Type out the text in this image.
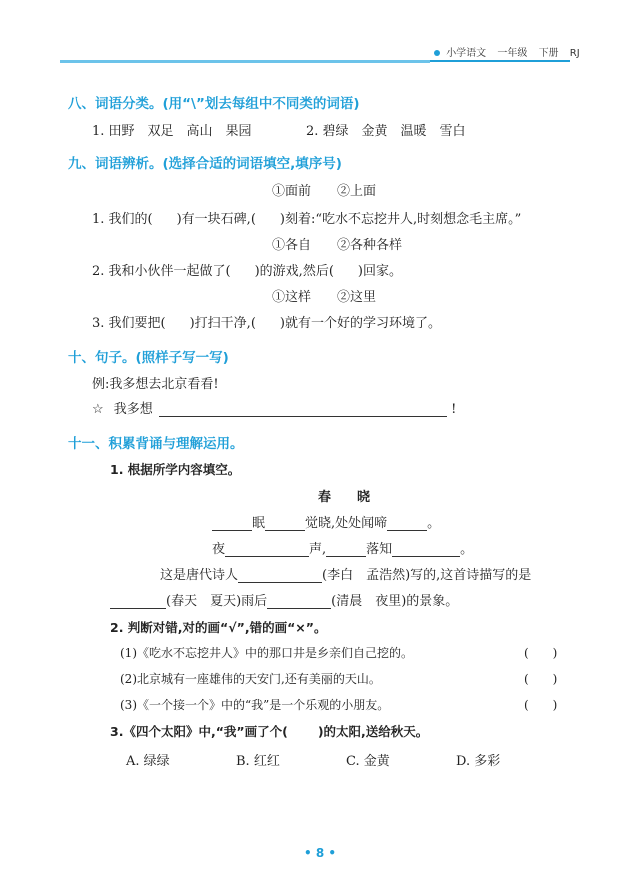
小学语文 一年级 下册 RJ
八、词语分类。(用“\”划去每组中不同类的词语)
1. 田野　双足　高山　果园	2. 碧绿　金黄　温暖　雪白
九、词语辨析。(选择合适的词语填空,填序号)
①面前　　②上面
1. 我们的( )有一块石碑,( )刻着:“吃水不忘挖井人,时刻想念毛主席。”
①各自　　②各种各样
2. 我和小伙伴一起做了( )的游戏,然后( )回家。
①这样　　②这里
3. 我们要把( )打扫干净,( )就有一个好的学习环境了。
十、句子。(照样子写一写)
例:我多想去北京看看!
☆ 我多想	!
十一、积累背诵与理解运用。
1. 根据所学内容填空。
春　　晓
眠	觉晓,处处闻啼	。
夜	声,	落知	。
这是唐代诗人	(李白　孟浩然)写的,这首诗描写的是
(春天　夏天)雨后	(清晨　夜里)的景象。
2. 判断对错,对的画“√”,错的画“×”。
(1)《吃水不忘挖井人》中的那口井是乡亲们自己挖的。	(　　)
(2)北京城有一座雄伟的天安门,还有美丽的天山。	(　　)
(3)《一个接一个》中的“我”是一个乐观的小朋友。	(　　)
3.《四个太阳》中,“我”画了个( )的太阳,送给秋天。
A. 绿绿	B. 红红	C. 金黄	D. 多彩
• 8 •
